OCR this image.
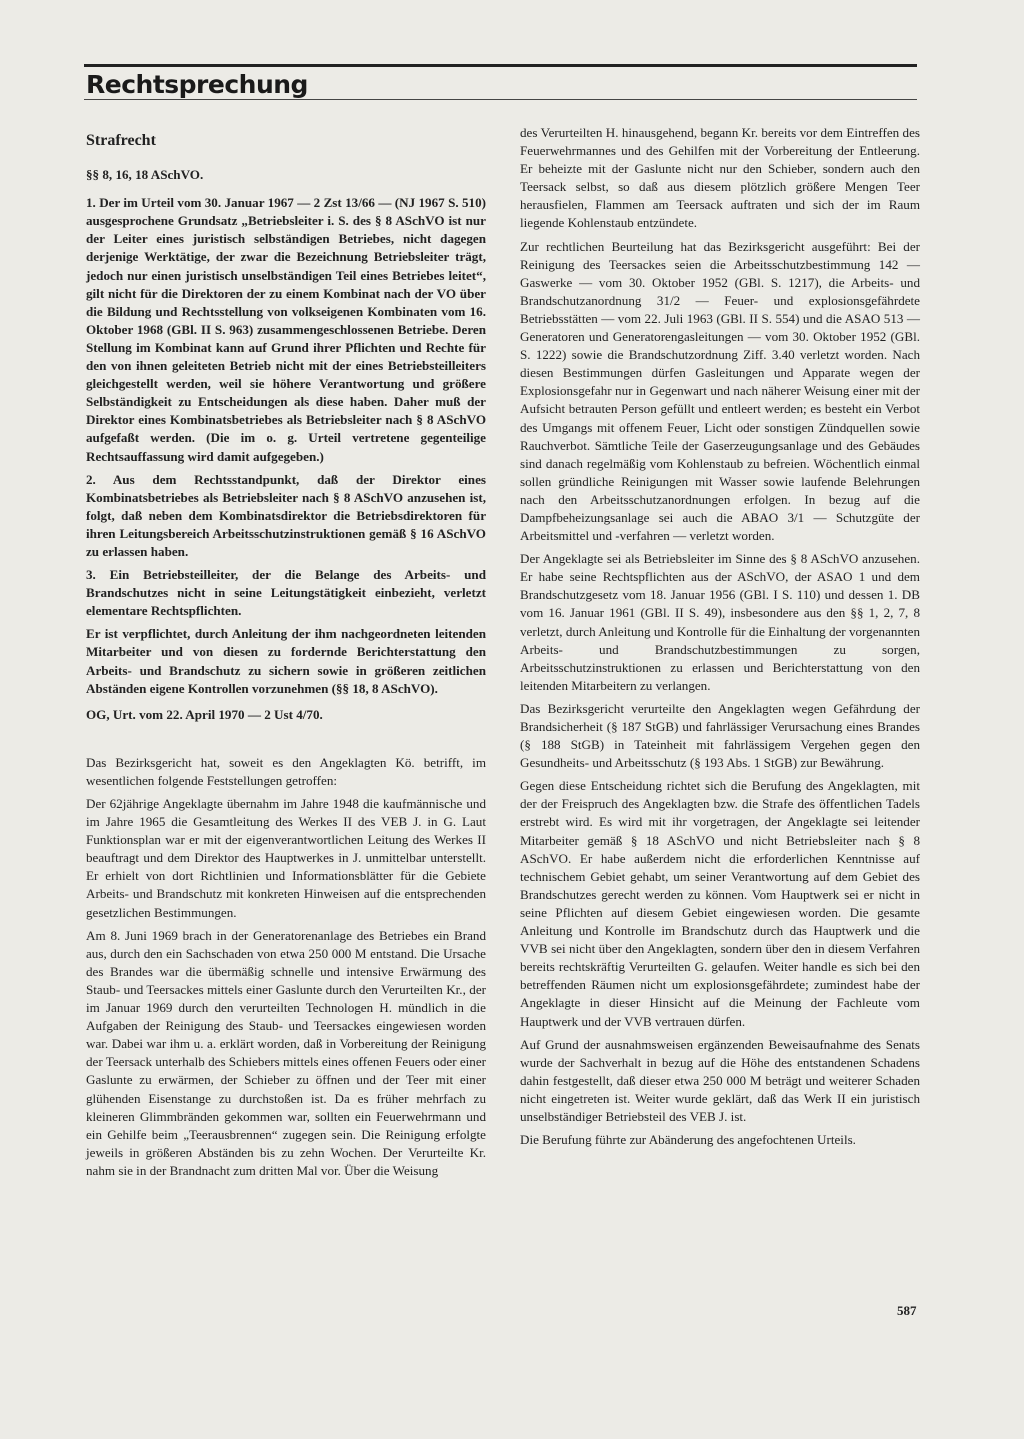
Rechtsprechung
Strafrecht
§§ 8, 16, 18 ASchVO.

1. Der im Urteil vom 30. Januar 1967 — 2 Zst 13/66 — (NJ 1967 S. 510) ausgesprochene Grundsatz „Betriebsleiter i. S. des § 8 ASchVO ist nur der Leiter eines juristisch selbständigen Betriebes, nicht dagegen derjenige Werktätige, der zwar die Bezeichnung Betriebsleiter trägt, jedoch nur einen juristisch unselbständigen Teil eines Betriebes leitet“, gilt nicht für die Direktoren der zu einem Kombinat nach der VO über die Bildung und Rechtsstellung von volkseigenen Kombinaten vom 16. Oktober 1968 (GBl. II S. 963) zusammengeschlossenen Betriebe. Deren Stellung im Kombinat kann auf Grund ihrer Pflichten und Rechte für den von ihnen geleiteten Betrieb nicht mit der eines Betriebsteilleiters gleichgestellt werden, weil sie höhere Verantwortung und größere Selbständigkeit zu Entscheidungen als diese haben. Daher muß der Direktor eines Kombinatsbetriebes als Betriebsleiter nach § 8 ASchVO aufgefaßt werden. (Die im o. g. Urteil vertretene gegenteilige Rechtsauffassung wird damit aufgegeben.)

2. Aus dem Rechtsstandpunkt, daß der Direktor eines Kombinatsbetriebes als Betriebsleiter nach § 8 ASchVO anzusehen ist, folgt, daß neben dem Kombinatsdirektor die Betriebsdirektoren für ihren Leitungsbereich Arbeitsschutzinstruktionen gemäß § 16 ASchVO zu erlassen haben.

3. Ein Betriebsteilleiter, der die Belange des Arbeits- und Brandschutzes nicht in seine Leitungstätigkeit einbezieht, verletzt elementare Rechtspflichten.

Er ist verpflichtet, durch Anleitung der ihm nachgeordneten leitenden Mitarbeiter und von diesen zu fordernde Berichterstattung den Arbeits- und Brandschutz zu sichern sowie in größeren zeitlichen Abständen eigene Kontrollen vorzunehmen (§§ 18, 8 ASchVO).

OG, Urt. vom 22. April 1970 — 2 Ust 4/70.

Das Bezirksgericht hat, soweit es den Angeklagten Kö. betrifft, im wesentlichen folgende Feststellungen getroffen:

Der 62jährige Angeklagte übernahm im Jahre 1948 die kaufmännische und im Jahre 1965 die Gesamtleitung des Werkes II des VEB J. in G. Laut Funktionsplan war er mit der eigenverantwortlichen Leitung des Werkes II beauftragt und dem Direktor des Hauptwerkes in J. unmittelbar unterstellt. Er erhielt von dort Richtlinien und Informationsblätter für die Gebiete Arbeits- und Brandschutz mit konkreten Hinweisen auf die entsprechenden gesetzlichen Bestimmungen.

Am 8. Juni 1969 brach in der Generatorenanlage des Betriebes ein Brand aus, durch den ein Sachschaden von etwa 250 000 M entstand. Die Ursache des Brandes war die übermäßig schnelle und intensive Erwärmung des Staub- und Teersackes mittels einer Gaslunte durch den Verurteilten Kr., der im Januar 1969 durch den verurteilten Technologen H. mündlich in die Aufgaben der Reinigung des Staub- und Teersackes eingewiesen worden war. Dabei war ihm u. a. erklärt worden, daß in Vorbereitung der Reinigung der Teersack unterhalb des Schiebers mittels eines offenen Feuers oder einer Gaslunte zu erwärmen, der Schieber zu öffnen und der Teer mit einer glühenden Eisenstange zu durchstoßen ist. Da es früher mehrfach zu kleineren Glimmbränden gekommen war, sollten ein Feuerwehrmann und ein Gehilfe beim „Teerausbrennen“ zugegen sein. Die Reinigung erfolgte jeweils in größeren Abständen bis zu zehn Wochen. Der Verurteilte Kr. nahm sie in der Brandnacht zum dritten Mal vor. Über die Weisung

des Verurteilten H. hinausgehend, begann Kr. bereits vor dem Eintreffen des Feuerwehrmannes und des Gehilfen mit der Vorbereitung der Entleerung. Er beheizte mit der Gaslunte nicht nur den Schieber, sondern auch den Teersack selbst, so daß aus diesem plötzlich größere Mengen Teer herausfielen, Flammen am Teersack auftraten und sich der im Raum liegende Kohlenstaub entzündete.

Zur rechtlichen Beurteilung hat das Bezirksgericht ausgeführt: Bei der Reinigung des Teersackes seien die Arbeitsschutzbestimmung 142 — Gaswerke — vom 30. Oktober 1952 (GBl. S. 1217), die Arbeits- und Brandschutzanordnung 31/2 — Feuer- und explosionsgefährdete Betriebsstätten — vom 22. Juli 1963 (GBl. II S. 554) und die ASAO 513 — Generatoren und Generatorengasleitungen — vom 30. Oktober 1952 (GBl. S. 1222) sowie die Brandschutzordnung Ziff. 3.40 verletzt worden. Nach diesen Bestimmungen dürfen Gasleitungen und Apparate wegen der Explosionsgefahr nur in Gegenwart und nach näherer Weisung einer mit der Aufsicht betrauten Person gefüllt und entleert werden; es besteht ein Verbot des Umgangs mit offenem Feuer, Licht oder sonstigen Zündquellen sowie Rauchverbot. Sämtliche Teile der Gaserzeugungsanlage und des Gebäudes sind danach regelmäßig vom Kohlenstaub zu befreien. Wöchentlich einmal sollen gründliche Reinigungen mit Wasser sowie laufende Belehrungen nach den Arbeitsschutzanordnungen erfolgen. In bezug auf die Dampfbeheizungsanlage sei auch die ABAO 3/1 — Schutzgüte der Arbeitsmittel und -verfahren — verletzt worden.

Der Angeklagte sei als Betriebsleiter im Sinne des § 8 ASchVO anzusehen. Er habe seine Rechtspflichten aus der ASchVO, der ASAO 1 und dem Brandschutzgesetz vom 18. Januar 1956 (GBl. I S. 110) und dessen 1. DB vom 16. Januar 1961 (GBl. II S. 49), insbesondere aus den §§ 1, 2, 7, 8 verletzt, durch Anleitung und Kontrolle für die Einhaltung der vorgenannten Arbeits- und Brandschutzbestimmungen zu sorgen, Arbeitsschutzinstruktionen zu erlassen und Berichterstattung von den leitenden Mitarbeitern zu verlangen.

Das Bezirksgericht verurteilte den Angeklagten wegen Gefährdung der Brandsicherheit (§ 187 StGB) und fahrlässiger Verursachung eines Brandes (§ 188 StGB) in Tateinheit mit fahrlässigem Vergehen gegen den Gesundheits- und Arbeitsschutz (§ 193 Abs. 1 StGB) zur Bewährung.

Gegen diese Entscheidung richtet sich die Berufung des Angeklagten, mit der der Freispruch des Angeklagten bzw. die Strafe des öffentlichen Tadels erstrebt wird. Es wird mit ihr vorgetragen, der Angeklagte sei leitender Mitarbeiter gemäß § 18 ASchVO und nicht Betriebsleiter nach § 8 ASchVO. Er habe außerdem nicht die erforderlichen Kenntnisse auf technischem Gebiet gehabt, um seiner Verantwortung auf dem Gebiet des Brandschutzes gerecht werden zu können. Vom Hauptwerk sei er nicht in seine Pflichten auf diesem Gebiet eingewiesen worden. Die gesamte Anleitung und Kontrolle im Brandschutz durch das Hauptwerk und die VVB sei nicht über den Angeklagten, sondern über den in diesem Verfahren bereits rechtskräftig Verurteilten G. gelaufen. Weiter handle es sich bei den betreffenden Räumen nicht um explosionsgefährdete; zumindest habe der Angeklagte in dieser Hinsicht auf die Meinung der Fachleute vom Hauptwerk und der VVB vertrauen dürfen.

Auf Grund der ausnahmsweisen ergänzenden Beweisaufnahme des Senats wurde der Sachverhalt in bezug auf die Höhe des entstandenen Schadens dahin festgestellt, daß dieser etwa 250 000 M beträgt und weiterer Schaden nicht eingetreten ist. Weiter wurde geklärt, daß das Werk II ein juristisch unselbständiger Betriebsteil des VEB J. ist.

Die Berufung führte zur Abänderung des angefochtenen Urteils.

587
